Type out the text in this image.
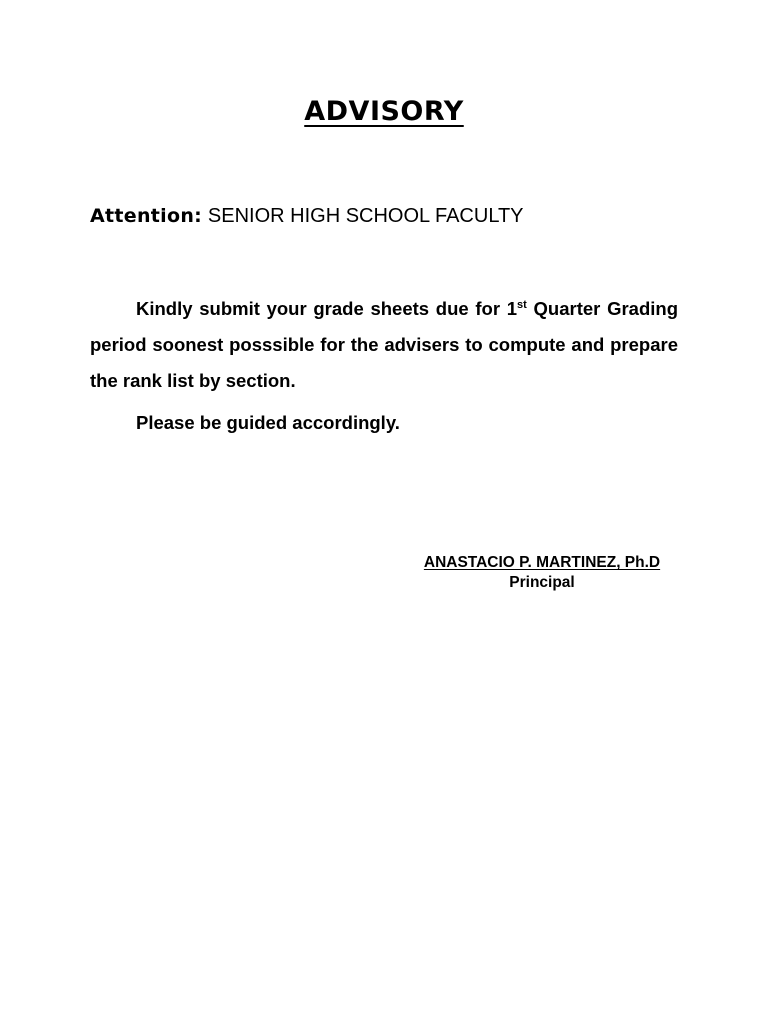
ADVISORY
Attention: SENIOR HIGH SCHOOL FACULTY
Kindly submit your grade sheets due for 1st Quarter Grading period soonest posssible for the advisers to compute and prepare the rank list by section.
Please be guided accordingly.
ANASTACIO P. MARTINEZ, Ph.D
Principal
